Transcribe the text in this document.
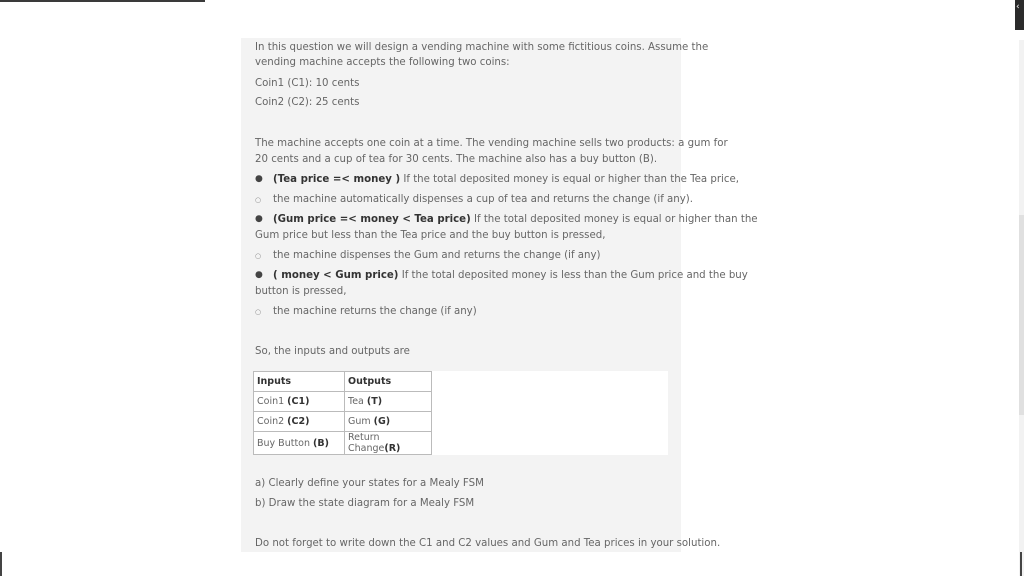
‹

In this question we will design a vending machine with some fictitious coins. Assume the

vending machine accepts the following two coins:

Coin1 (C1): 10 cents

Coin2 (C2): 25 cents

The machine accepts one coin at a time. The vending machine sells two products: a gum for

20 cents and a cup of tea for 30 cents. The machine also has a buy button (B).

● (Tea price =< money ) If the total deposited money is equal or higher than the Tea price,

○ the machine automatically dispenses a cup of tea and returns the change (if any).

● (Gum price =< money < Tea price) If the total deposited money is equal or higher than the

Gum price but less than the Tea price and the buy button is pressed,

○ the machine dispenses the Gum and returns the change (if any)

● ( money < Gum price) If the total deposited money is less than the Gum price and the buy

button is pressed,

○ the machine returns the change (if any)

So, the inputs and outputs are

Inputs	Outputs
Coin1 (C1)	Tea (T)
Coin2 (C2)	Gum (G)
Buy Button (B)	Return Change(R)

a) Clearly define your states for a Mealy FSM

b) Draw the state diagram for a Mealy FSM

Do not forget to write down the C1 and C2 values and Gum and Tea prices in your solution.
